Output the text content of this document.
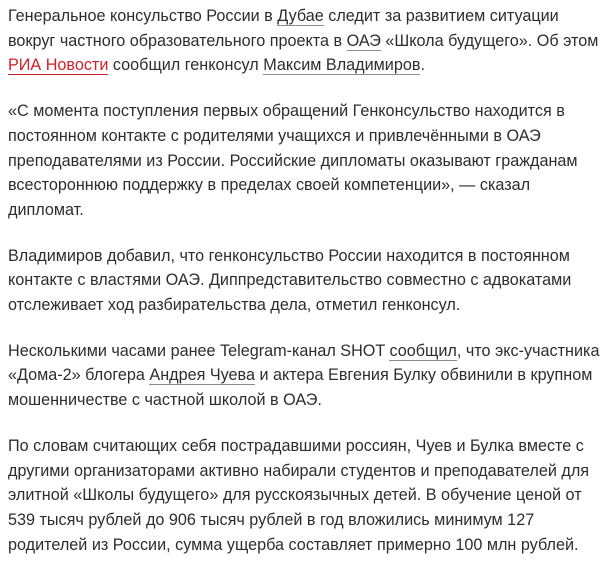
Генеральное консульство России в Дубае следит за развитием ситуации вокруг частного образовательного проекта в ОАЭ «Школа будущего». Об этом РИА Новости сообщил генконсул Максим Владимиров.

«С момента поступления первых обращений Генконсульство находится в постоянном контакте с родителями учащихся и привлечёнными в ОАЭ преподавателями из России. Российские дипломаты оказывают гражданам всестороннюю поддержку в пределах своей компетенции», — сказал дипломат.

Владимиров добавил, что генконсульство России находится в постоянном контакте с властями ОАЭ. Диппредставительство совместно с адвокатами отслеживает ход разбирательства дела, отметил генконсул.

Несколькими часами ранее Telegram-канал SHOT сообщил, что экс-участника «Дома-2» блогера Андрея Чуева и актера Евгения Булку обвинили в крупном мошенничестве с частной школой в ОАЭ.

По словам считающих себя пострадавшими россиян, Чуев и Булка вместе с другими организаторами активно набирали студентов и преподавателей для элитной «Школы будущего» для русскоязычных детей. В обучение ценой от 539 тысяч рублей до 906 тысяч рублей в год вложились минимум 127 родителей из России, сумма ущерба составляет примерно 100 млн рублей.
